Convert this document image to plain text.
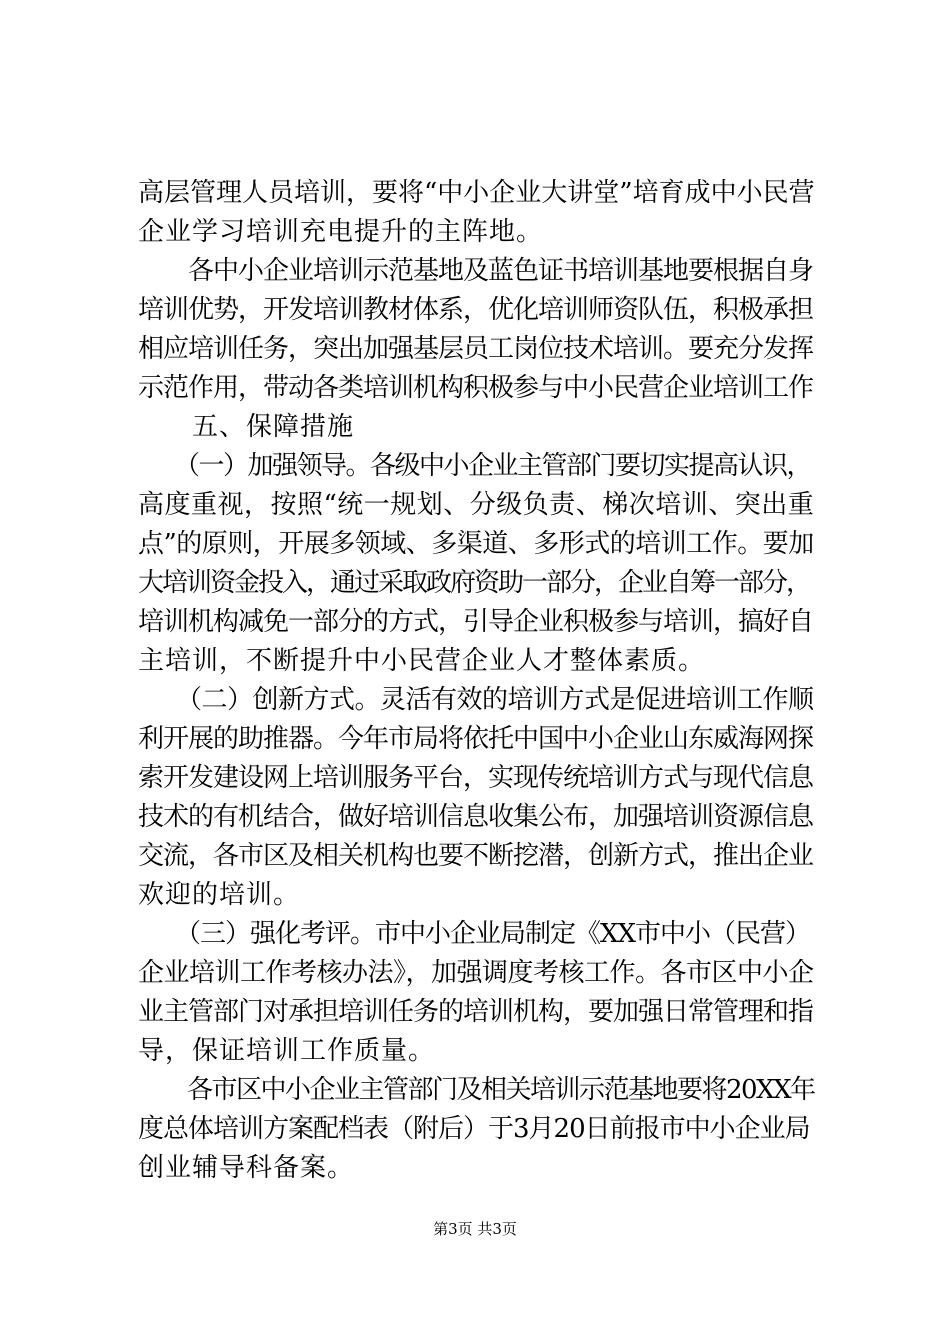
高层管理人员培训，要将“中小企业大讲堂”培育成中小民营
企业学习培训充电提升的主阵地。
　　各中小企业培训示范基地及蓝色证书培训基地要根据自身
培训优势，开发培训教材体系，优化培训师资队伍，积极承担
相应培训任务，突出加强基层员工岗位技术培训。要充分发挥
示范作用，带动各类培训机构积极参与中小民营企业培训工作
　　五、保障措施
　　（一）加强领导。各级中小企业主管部门要切实提高认识，
高度重视，按照“统一规划、分级负责、梯次培训、突出重
点”的原则，开展多领域、多渠道、多形式的培训工作。要加
大培训资金投入，通过采取政府资助一部分，企业自筹一部分，
培训机构减免一部分的方式，引导企业积极参与培训，搞好自
主培训，不断提升中小民营企业人才整体素质。
　　（二）创新方式。灵活有效的培训方式是促进培训工作顺
利开展的助推器。今年市局将依托中国中小企业山东威海网探
索开发建设网上培训服务平台，实现传统培训方式与现代信息
技术的有机结合，做好培训信息收集公布，加强培训资源信息
交流，各市区及相关机构也要不断挖潜，创新方式，推出企业
欢迎的培训。
　　（三）强化考评。市中小企业局制定《XX市中小（民营）
企业培训工作考核办法》，加强调度考核工作。各市区中小企
业主管部门对承担培训任务的培训机构，要加强日常管理和指
导，保证培训工作质量。
　　各市区中小企业主管部门及相关培训示范基地要将20XX年
度总体培训方案配档表（附后）于3月20日前报市中小企业局
创业辅导科备案。
第3页 共3页
